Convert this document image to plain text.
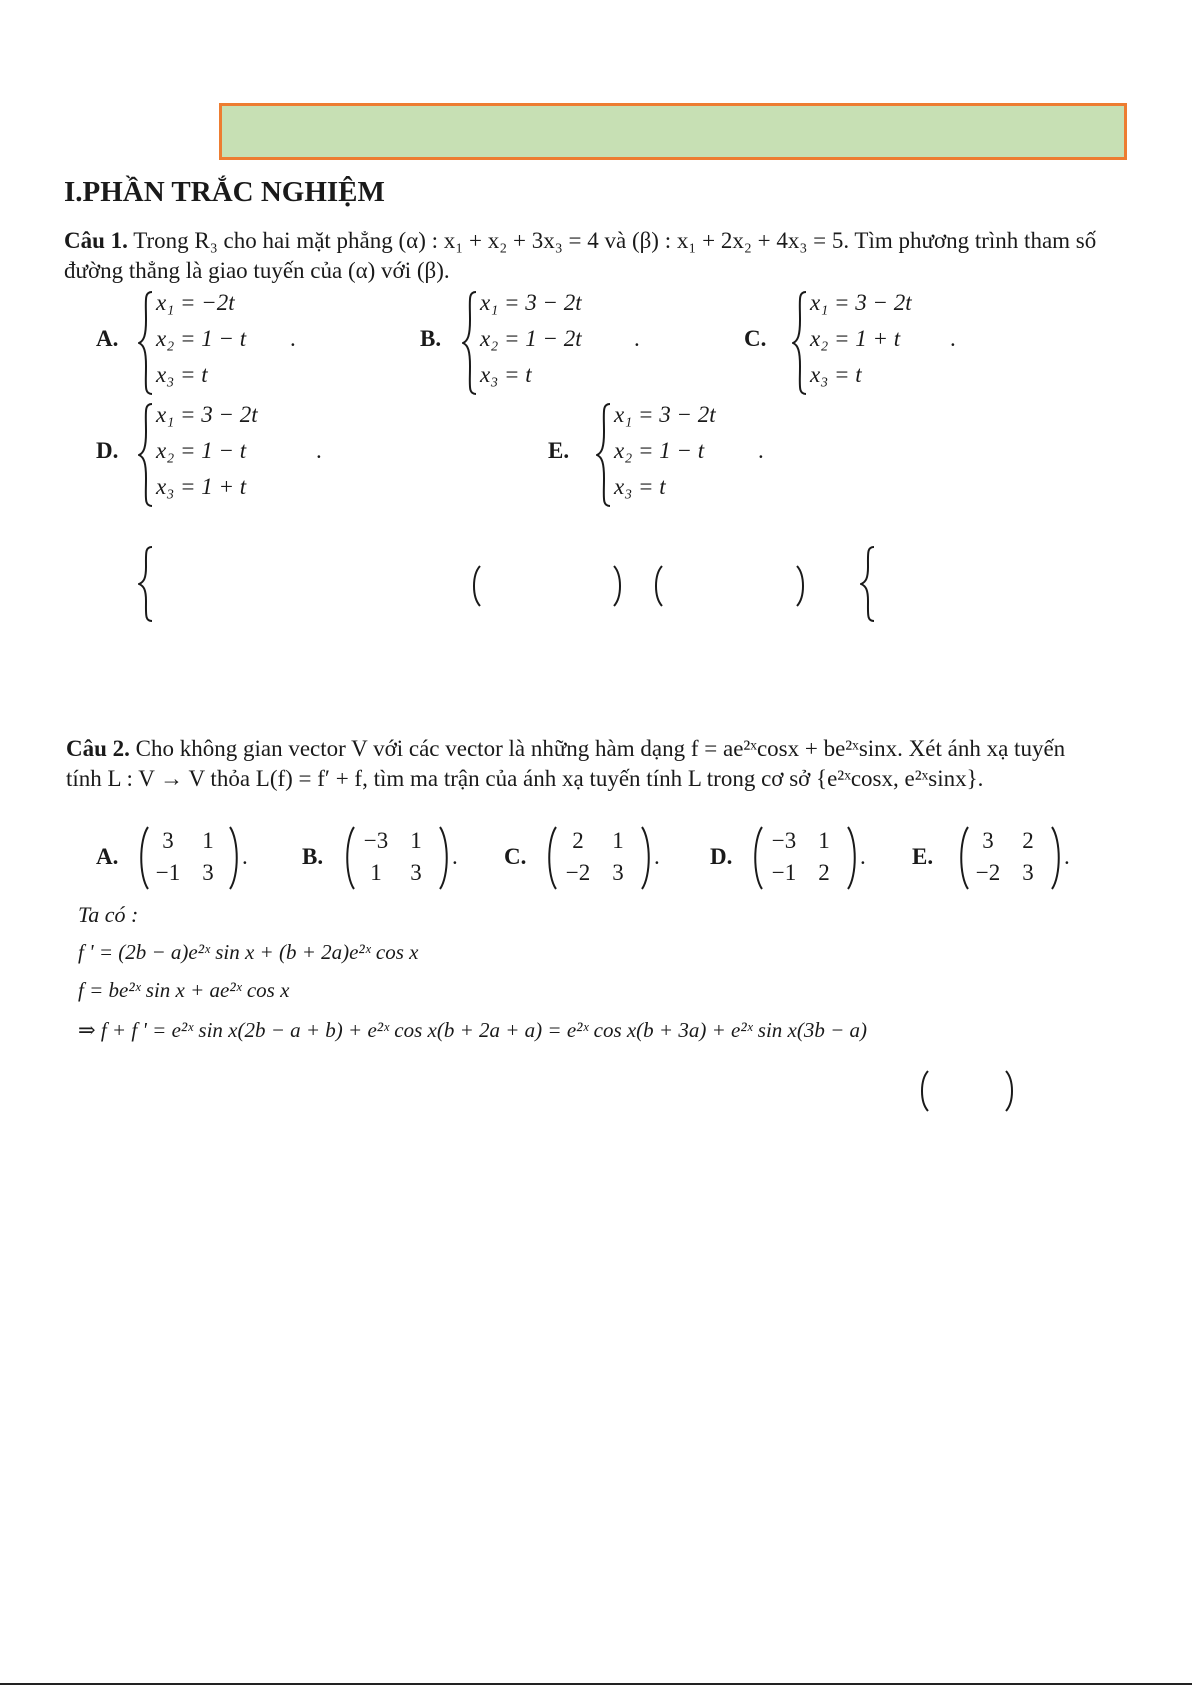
I.PHẦN TRẮC NGHIỆM
Câu 1. Trong R₃ cho hai mặt phẳng (α) : x₁ + x₂ + 3x₃ = 4 và (β) : x₁ + 2x₂ + 4x₃ = 5. Tìm phương trình tham số đường thẳng là giao tuyến của (α) với (β).
A.
x₁ = −2t
x₂ = 1 − t
x₃ = t
.	B.
x₁ = 3 − 2t
x₂ = 1 − 2t
x₃ = t
.	C.
x₁ = 3 − 2t
x₂ = 1 + t
x₃ = t
.
D.
x₁ = 3 − 2t
x₂ = 1 − t
x₃ = 1 + t
.	E.
x₁ = 3 − 2t
x₂ = 1 − t
x₃ = t
.
Câu 2. Cho không gian vector V với các vector là những hàm dạng f = ae²ˣcosx + be²ˣsinx. Xét ánh xạ tuyến tính L : V → V thỏa L(f) = f′ + f, tìm ma trận của ánh xạ tuyến tính L trong cơ sở {e²ˣcosx, e²ˣsinx}.
A.
3	1
−1 3
. B.
−3 1
1	3
. C.
2	1
−2 3
. D.
−3 1
−1 2
. E.
3	2
−2 3
.
Ta có :
f ' = (2b − a)e²ˣ sin x + (b + 2a)e²ˣ cos x
f = be²ˣ sin x + ae²ˣ cos x
⇒ f + f ' = e²ˣ sin x(2b − a + b) + e²ˣ cos x(b + 2a + a) = e²ˣ cos x(b + 3a) + e²ˣ sin x(3b − a)
